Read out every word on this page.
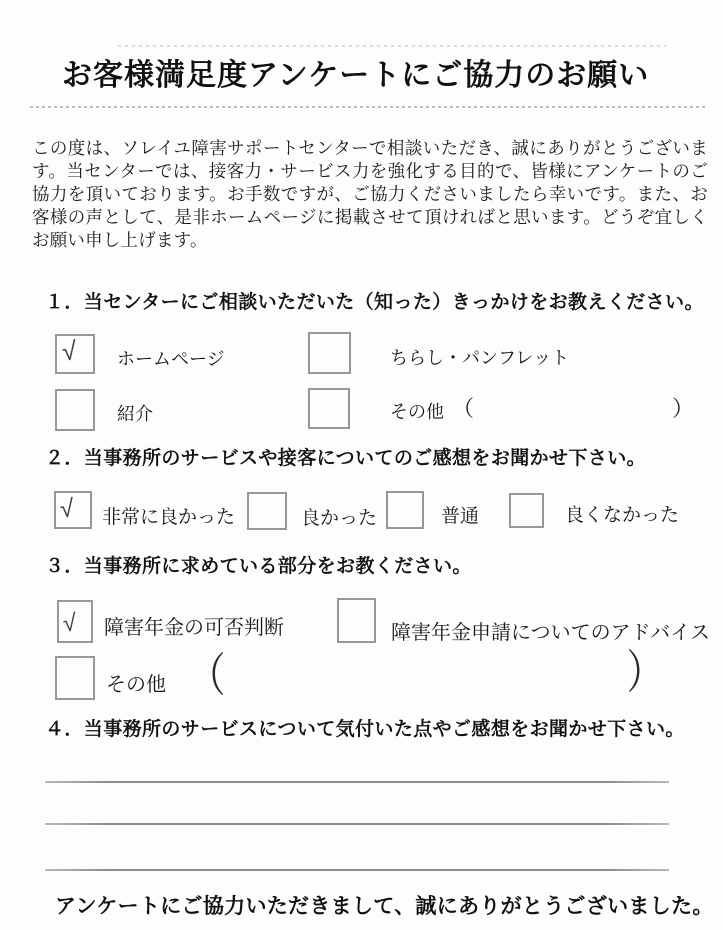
お客様満足度アンケートにご協力のお願い
この度は、ソレイユ障害サポートセンターで相談いただき、誠にありがとうございます。当センターでは、接客力・サービス力を強化する目的で、皆様にアンケートのご協力を頂いております。お手数ですが、ご協力くださいましたら幸いです。また、お客様の声として、是非ホームページに掲載させて頂ければと思います。どうぞ宜しくお願い申し上げます。
１．当センターにご相談いただいた（知った）きっかけをお教えください。
√ ホームページ	ちらし・パンフレット
紹介	その他 （	）
２．当事務所のサービスや接客についてのご感想をお聞かせ下さい。
√ 非常に良かった	良かった	普通	良くなかった
３．当事務所に求めている部分をお教ください。
√ 障害年金の可否判断	障害年金申請についてのアドバイス
その他 （	）
４．当事務所のサービスについて気付いた点やご感想をお聞かせ下さい。
アンケートにご協力いただきまして、誠にありがとうございました。
